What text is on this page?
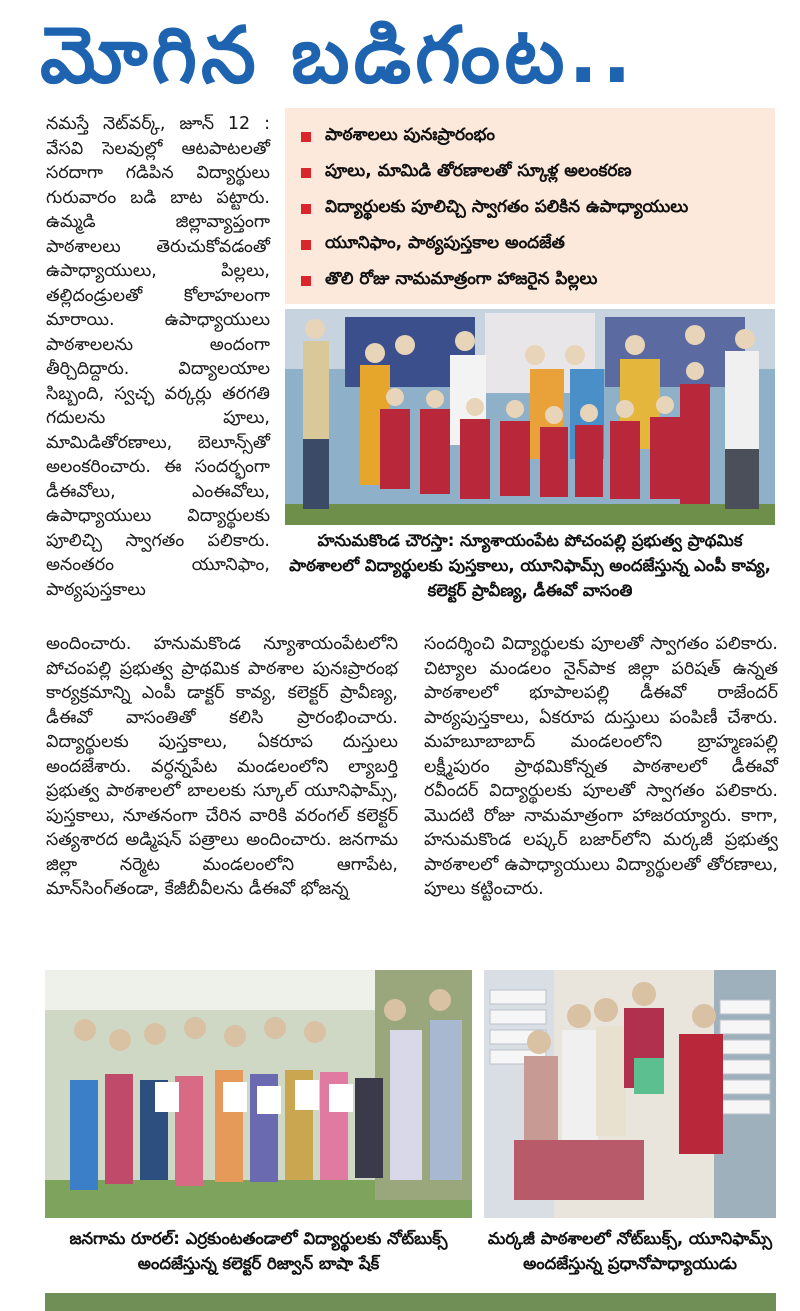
మోగిన బడిగంట..
పాఠశాలలు పునఃప్రారంభం
పూలు, మామిడి తోరణాలతో స్కూళ్ల అలంకరణ
విద్యార్థులకు పూలిచ్చి స్వాగతం పలికిన ఉపాధ్యాయులు
యూనిఫాం, పాఠ్యపుస్తకాల అందజేత
తొలి రోజు నామమాత్రంగా హాజరైన పిల్లలు

నమస్తే నెట్‌వర్క్, జూన్ 12 : వేసవి సెలవుల్లో ఆటపాటలతో సరదాగా గడిపిన విద్యార్థులు గురువారం బడి బాట పట్టారు. ఉమ్మడి జిల్లావ్యాప్తంగా పాఠశాలలు తెరుచుకోవడంతో ఉపాధ్యాయులు, పిల్లలు, తల్లిదండ్రులతో కోలాహలంగా మారాయి. ఉపాధ్యాయులు పాఠశాలలను అందంగా తీర్చిదిద్దారు. విద్యాలయాల సిబ్బంది, స్వచ్ఛ వర్కర్లు తరగతి గదులను పూలు, మామిడితోరణాలు, బెలూన్స్‌తో అలంకరించారు. ఈ సందర్భంగా డీఈవోలు, ఎంఈవోలు, ఉపాధ్యాయులు విద్యార్థులకు పూలిచ్చి స్వాగతం పలికారు. అనంతరం యూనిఫాం, పాఠ్యపుస్తకాలు

హనుమకొండ చౌరస్తా: న్యూశాయంపేట పోచంపల్లి ప్రభుత్వ ప్రాథమిక పాఠశాలలో విద్యార్థులకు పుస్తకాలు, యూనిఫామ్స్ అందజేస్తున్న ఎంపీ కావ్య, కలెక్టర్ ప్రావీణ్య, డీఈవో వాసంతి

అందించారు. హనుమకొండ న్యూశాయంపేటలోని పోచంపల్లి ప్రభుత్వ ప్రాథమిక పాఠశాల పునఃప్రారంభ కార్యక్రమాన్ని ఎంపీ డాక్టర్ కావ్య, కలెక్టర్ ప్రావీణ్య, డీఈవో వాసంతితో కలిసి ప్రారంభించారు. విద్యార్థులకు పుస్తకాలు, ఏకరూప దుస్తులు అందజేశారు. వర్ధన్నపేట మండలంలోని ల్యాబర్తి ప్రభుత్వ పాఠశాలలో బాలలకు స్కూల్ యూనిఫామ్స్, పుస్తకాలు, నూతనంగా చేరిన వారికి వరంగల్ కలెక్టర్ సత్యశారద అడ్మిషన్ పత్రాలు అందించారు. జనగామ జిల్లా నర్మెట మండలంలోని ఆగాపేట, మాన్‌సింగ్‌తండా, కేజీబీవీలను డీఈవో భోజన్న

సందర్శించి విద్యార్థులకు పూలతో స్వాగతం పలికారు. చిట్యాల మండలం నైన్‌పాక జిల్లా పరిషత్ ఉన్నత పాఠశాలలో భూపాలపల్లి డీఈవో రాజేందర్ పాఠ్యపుస్తకాలు, ఏకరూప దుస్తులు పంపిణీ చేశారు. మహబూబాబాద్ మండలంలోని బ్రాహ్మణపల్లి లక్ష్మీపురం ప్రాథమికోన్నత పాఠశాలలో డీఈవో రవీందర్ విద్యార్థులకు పూలతో స్వాగతం పలికారు. మొదటి రోజు నామమాత్రంగా హాజరయ్యారు. కాగా, హనుమకొండ లష్కర్ బజార్‌లోని మర్కజీ ప్రభుత్వ పాఠశాలలో ఉపాధ్యాయులు విద్యార్థులతో తోరణాలు, పూలు కట్టించారు.

జనగామ రూరల్: ఎర్రకుంటతండాలో విద్యార్థులకు నోట్‌బుక్స్ అందజేస్తున్న కలెక్టర్ రిజ్వాన్ బాషా షేక్
మర్కజీ పాఠశాలలో నోట్‌బుక్స్, యూనిఫామ్స్ అందజేస్తున్న ప్రధానోపాధ్యాయుడు
